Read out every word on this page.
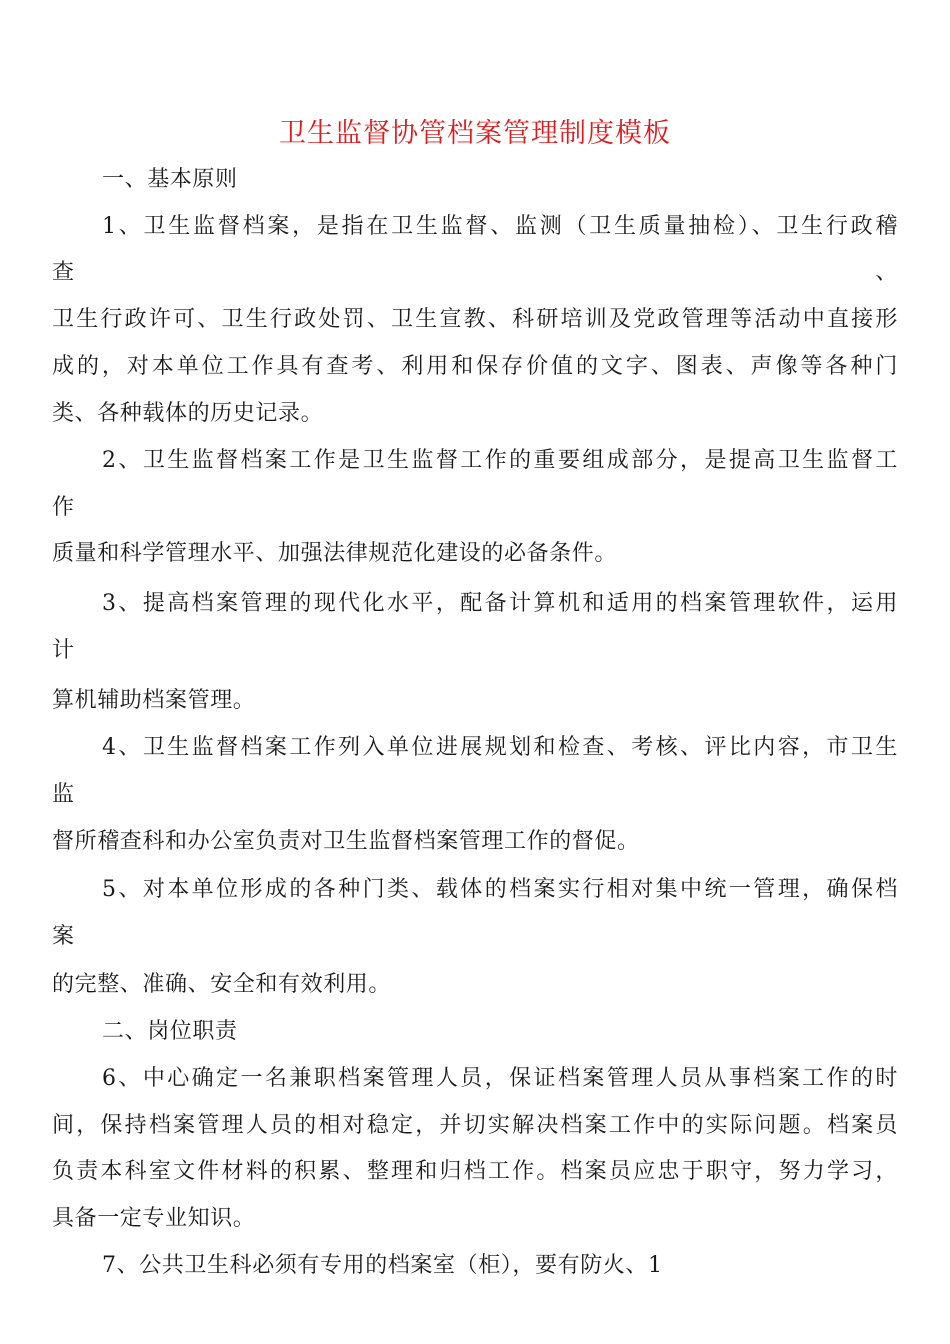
卫生监督协管档案管理制度模板
一、基本原则
1、卫生监督档案，是指在卫生监督、监测（卫生质量抽检）、卫生行政稽
查	、
卫生行政许可、卫生行政处罚、卫生宣教、科研培训及党政管理等活动中直接形
成的，对本单位工作具有查考、利用和保存价值的文字、图表、声像等各种门
类、各种载体的历史记录。
2、卫生监督档案工作是卫生监督工作的重要组成部分，是提高卫生监督工
作
质量和科学管理水平、加强法律规范化建设的必备条件。
3、提高档案管理的现代化水平，配备计算机和适用的档案管理软件，运用
计
算机辅助档案管理。
4、卫生监督档案工作列入单位进展规划和检查、考核、评比内容，市卫生
监
督所稽查科和办公室负责对卫生监督档案管理工作的督促。
5、对本单位形成的各种门类、载体的档案实行相对集中统一管理，确保档
案
的完整、准确、安全和有效利用。
二、岗位职责
6、中心确定一名兼职档案管理人员，保证档案管理人员从事档案工作的时
间，保持档案管理人员的相对稳定，并切实解决档案工作中的实际问题。档案员
负责本科室文件材料的积累、整理和归档工作。档案员应忠于职守，努力学习，
具备一定专业知识。
7、公共卫生科必须有专用的档案室（柜），要有防火、1
